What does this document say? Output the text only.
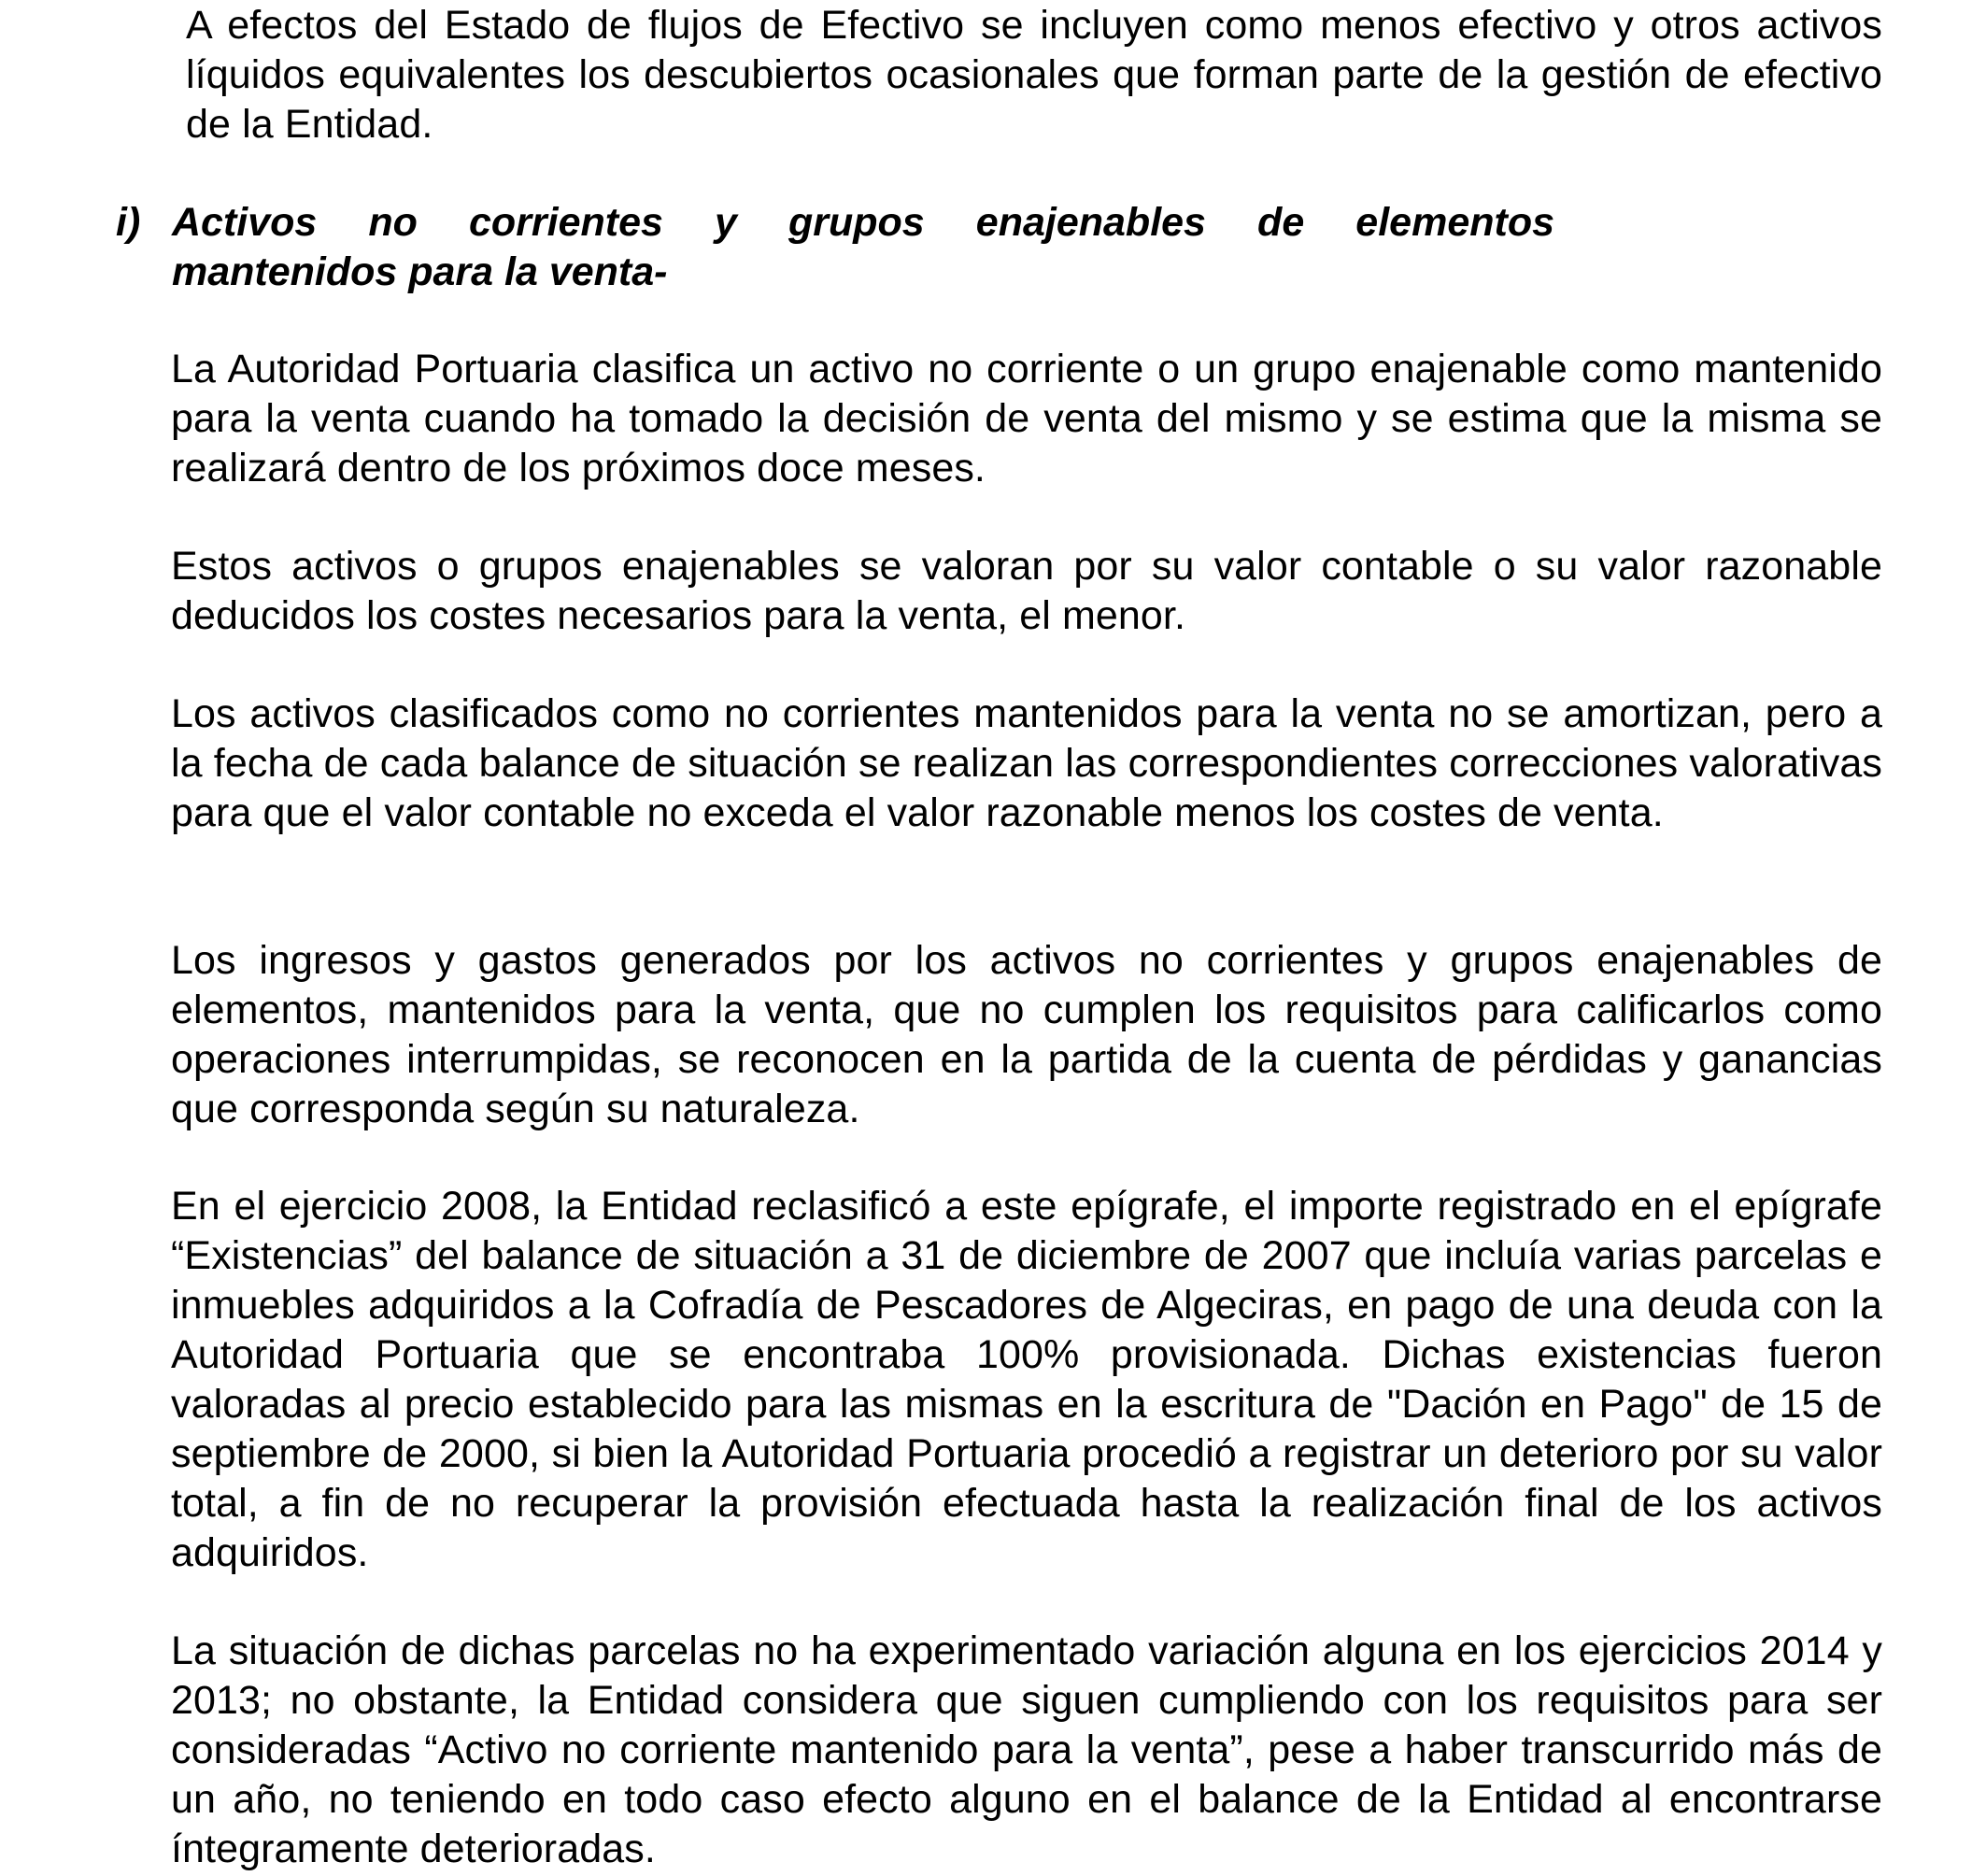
A efectos del Estado de flujos de Efectivo se incluyen como menos efectivo y otros activos líquidos equivalentes los descubiertos ocasionales que forman parte de la gestión de efectivo de la Entidad.

i) Activos no corrientes y grupos enajenables de elementos
mantenidos para la venta-

La Autoridad Portuaria clasifica un activo no corriente o un grupo enajenable como mantenido para la venta cuando ha tomado la decisión de venta del mismo y se estima que la misma se realizará dentro de los próximos doce meses.

Estos activos o grupos enajenables se valoran por su valor contable o su valor razonable deducidos los costes necesarios para la venta, el menor.

Los activos clasificados como no corrientes mantenidos para la venta no se amortizan, pero a la fecha de cada balance de situación se realizan las correspondientes correcciones valorativas para que el valor contable no exceda el valor razonable menos los costes de venta.

Los ingresos y gastos generados por los activos no corrientes y grupos enajenables de elementos, mantenidos para la venta, que no cumplen los requisitos para calificarlos como operaciones interrumpidas, se reconocen en la partida de la cuenta de pérdidas y ganancias que corresponda según su naturaleza.

En el ejercicio 2008, la Entidad reclasificó a este epígrafe, el importe registrado en el epígrafe “Existencias” del balance de situación a 31 de diciembre de 2007 que incluía varias parcelas e inmuebles adquiridos a la Cofradía de Pescadores de Algeciras, en pago de una deuda con la Autoridad Portuaria que se encontraba 100% provisionada. Dichas existencias fueron valoradas al precio establecido para las mismas en la escritura de "Dación en Pago" de 15 de septiembre de 2000, si bien la Autoridad Portuaria procedió a registrar un deterioro por su valor total, a fin de no recuperar la provisión efectuada hasta la realización final de los activos adquiridos.

La situación de dichas parcelas no ha experimentado variación alguna en los ejercicios 2014 y 2013; no obstante, la Entidad considera que siguen cumpliendo con los requisitos para ser consideradas “Activo no corriente mantenido para la venta”, pese a haber transcurrido más de un año, no teniendo en todo caso efecto alguno en el balance de la Entidad al encontrarse íntegramente deterioradas.
